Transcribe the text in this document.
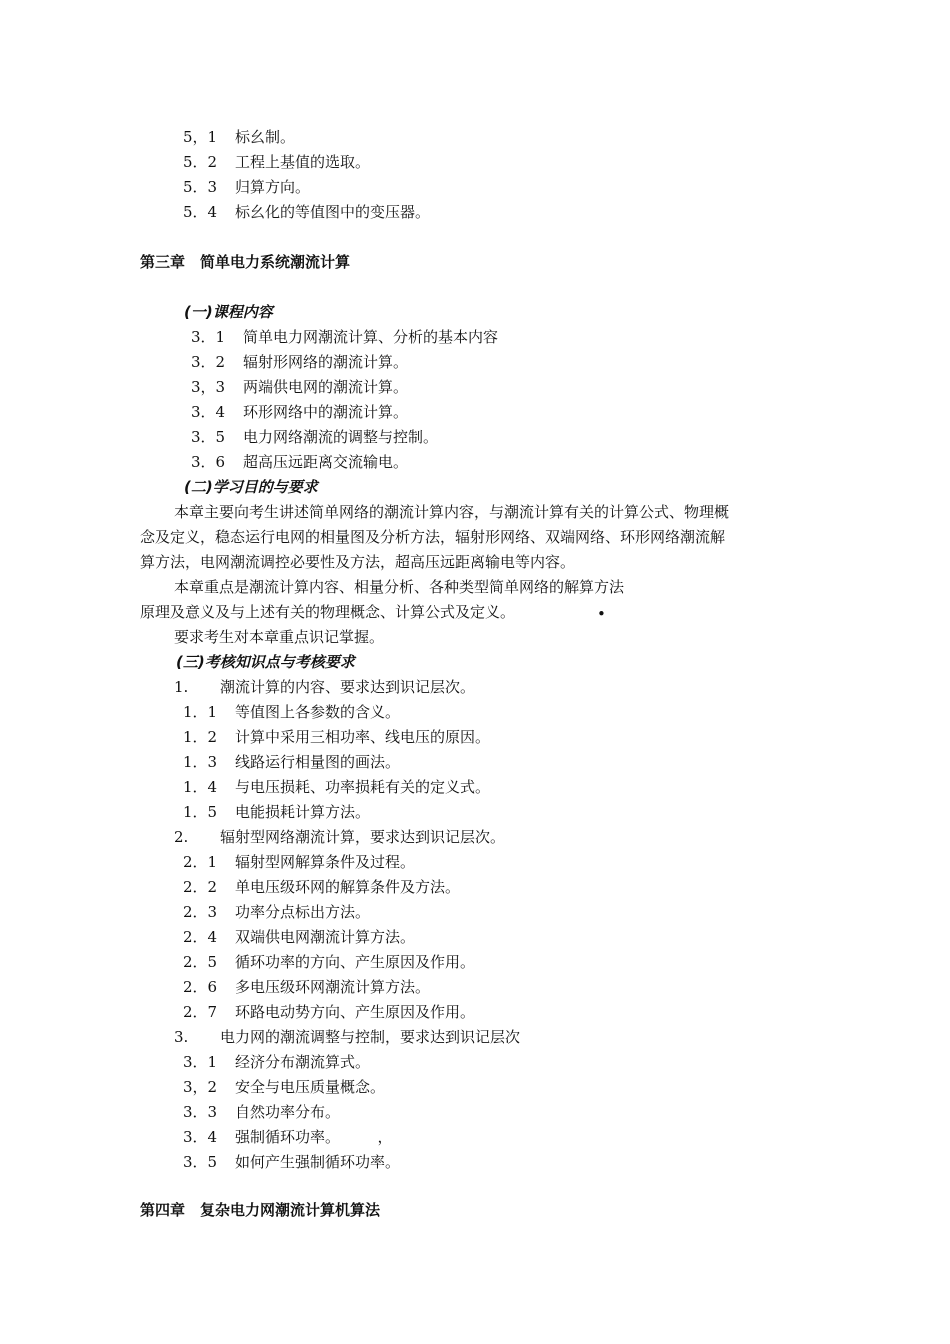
5，1 标幺制。
5．2 工程上基值的选取。
5．3 归算方向。
5．4 标幺化的等值图中的变压器。
第三章　简单电力系统潮流计算
(一)课程内容
3．1 简单电力网潮流计算、分析的基本内容
3．2 辐射形网络的潮流计算。
3，3 两端供电网的潮流计算。
3．4 环形网络中的潮流计算。
3．5 电力网络潮流的调整与控制。
3．6 超高压远距离交流输电。
(二)学习目的与要求
本章主要向考生讲述简单网络的潮流计算内容，与潮流计算有关的计算公式、物理概
念及定义，稳态运行电网的相量图及分析方法，辐射形网络、双端网络、环形网络潮流解
算方法，电网潮流调控必要性及方法，超高压远距离输电等内容。
本章重点是潮流计算内容、相量分析、各种类型简单网络的解算方法
原理及意义及与上述有关的物理概念、计算公式及定义。	•
要求考生对本章重点识记掌握。
(三)考核知识点与考核要求
1. 潮流计算的内容、要求达到识记层次。
1．1 等值图上各参数的含义。
1．2 计算中采用三相功率、线电压的原因。
1．3 线路运行相量图的画法。
1．4 与电压损耗、功率损耗有关的定义式。
1．5 电能损耗计算方法。
2. 辐射型网络潮流计算，要求达到识记层次。
2．1 辐射型网解算条件及过程。
2．2 单电压级环网的解算条件及方法。
2．3 功率分点标出方法。
2．4 双端供电网潮流计算方法。
2．5 循环功率的方向、产生原因及作用。
2．6 多电压级环网潮流计算方法。
2．7 环路电动势方向、产生原因及作用。
3. 电力网的潮流调整与控制，要求达到识记层次
3．1 经济分布潮流算式。
3，2 安全与电压质量概念。
3．3 自然功率分布。
3．4 强制循环功率。　　　，
3．5 如何产生强制循环功率。
第四章　复杂电力网潮流计算机算法
